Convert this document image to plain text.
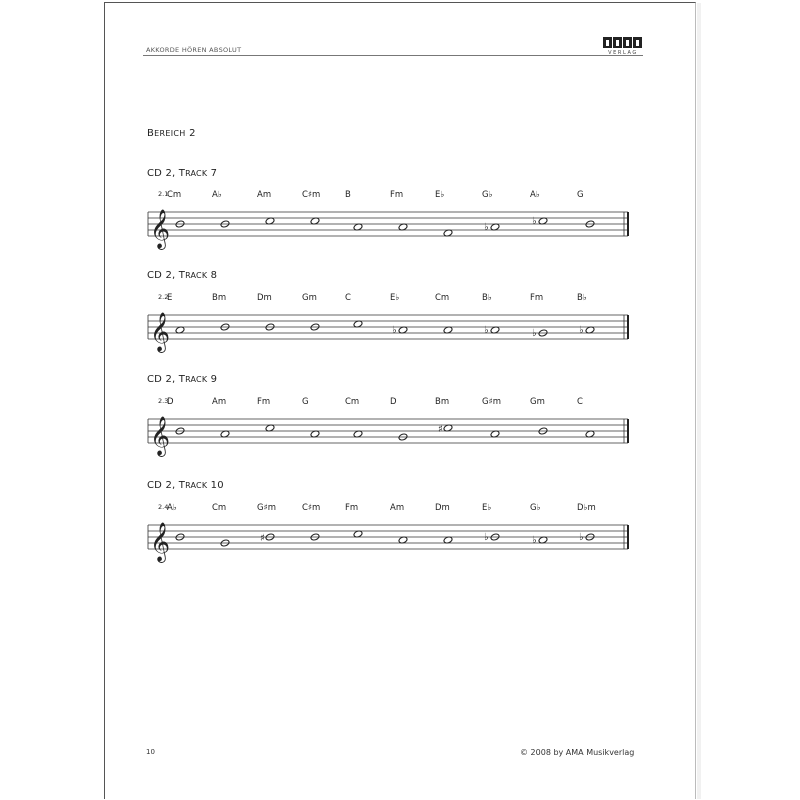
AKKORDE HÖREN ABSOLUT	VERLAG
BEREICH 2
CD 2, TRACK 7
2.1
Cm	A♭	Am	C♯m	B	Fm	E♭	G♭	A♭	G
CD 2, TRACK 8
2.2
E	Bm	Dm	Gm	C	E♭	Cm	B♭	Fm	B♭
CD 2, TRACK 9
2.3
D	Am	Fm	G	Cm	D	Bm	G♯m	Gm	C
CD 2, TRACK 10
2.4
A♭	Cm	G♯m	C♯m	Fm	Am	Dm	E♭	G♭	D♭m
𝄞	♭
♭
𝄞	♭	♭	♭	♭
𝄞	♯
𝄞	♯	♭	♭	♭
10	© 2008 by AMA Musikverlag
